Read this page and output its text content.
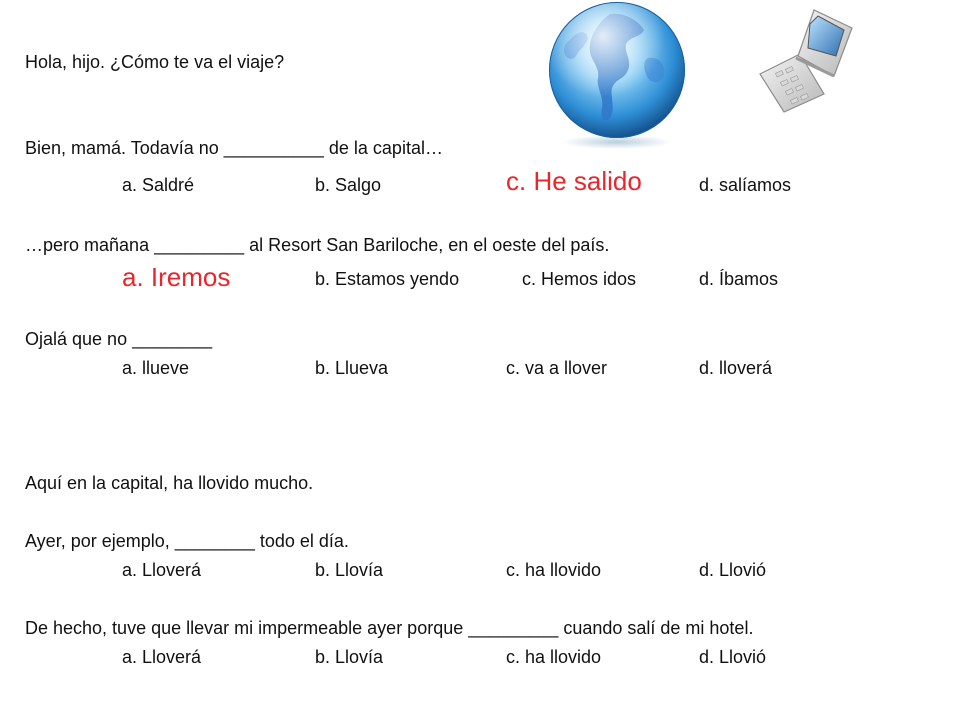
Hola, hijo. ¿Cómo te va el viaje?
Bien, mamá. Todavía no __________ de la capital…
a. Saldré	b. Salgo	c. He salido	d. salíamos
…pero mañana _________ al Resort San Bariloche, en el oeste del país.
a. Iremos	b. Estamos yendo	c. Hemos idos	d. Íbamos
Ojalá que no ________
a. llueve	b. Llueva	c. va a llover	d. lloverá
Aquí en la capital, ha llovido mucho.
Ayer, por ejemplo, ________ todo el día.
a. Lloverá	b. Llovía	c. ha llovido	d. Llovió
De hecho, tuve que llevar mi impermeable ayer porque _________ cuando salí de mi hotel.
a. Lloverá	b. Llovía	c. ha llovido	d. Llovió
